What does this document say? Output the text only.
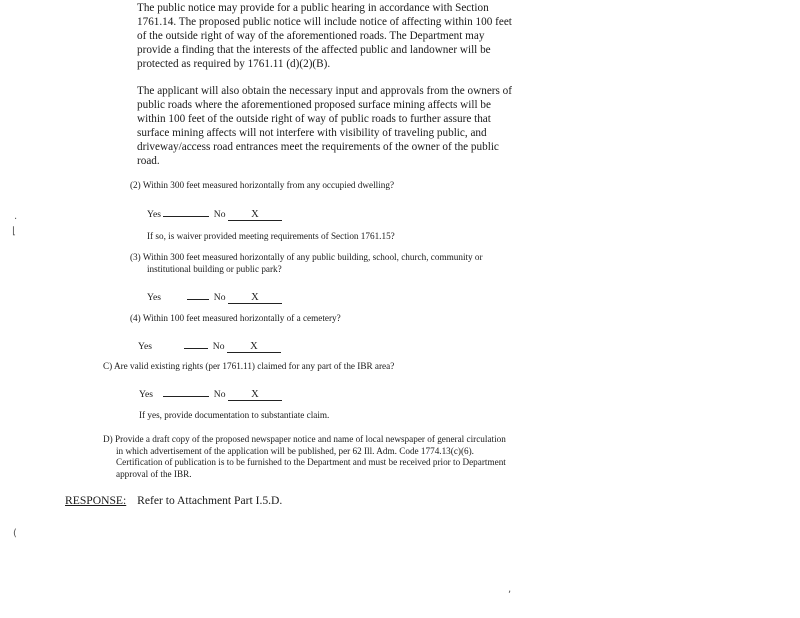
The public notice may provide for a public hearing in accordance with Section
1761.14. The proposed public notice will include notice of affecting within 100 feet
of the outside right of way of the aforementioned roads. The Department may
provide a finding that the interests of the affected public and landowner will be
protected as required by 1761.11 (d)(2)(B).
The applicant will also obtain the necessary input and approvals from the owners of
public roads where the aforementioned proposed surface mining affects will be
within 100 feet of the outside right of way of public roads to further assure that
surface mining affects will not interfere with visibility of traveling public, and
driveway/access road entrances meet the requirements of the owner of the public
road.
(2) Within 300 feet measured horizontally from any occupied dwelling?
Yes	No X
If so, is waiver provided meeting requirements of Section 1761.15?
(3) Within 300 feet measured horizontally of any public building, school, church, community or
institutional building or public park?
Yes	No X
(4) Within 100 feet measured horizontally of a cemetery?
Yes	No X
C) Are valid existing rights (per 1761.11) claimed for any part of the IBR area?
Yes	No X
If yes, provide documentation to substantiate claim.
D) Provide a draft copy of the proposed newspaper notice and name of local newspaper of general circulation
in which advertisement of the application will be published, per 62 Ill. Adm. Code 1774.13(c)(6).
Certification of publication is to be furnished to the Department and must be received prior to Department
approval of the IBR.
RESPONSE: Refer to Attachment Part I.5.D.
·
⌊
(
,
